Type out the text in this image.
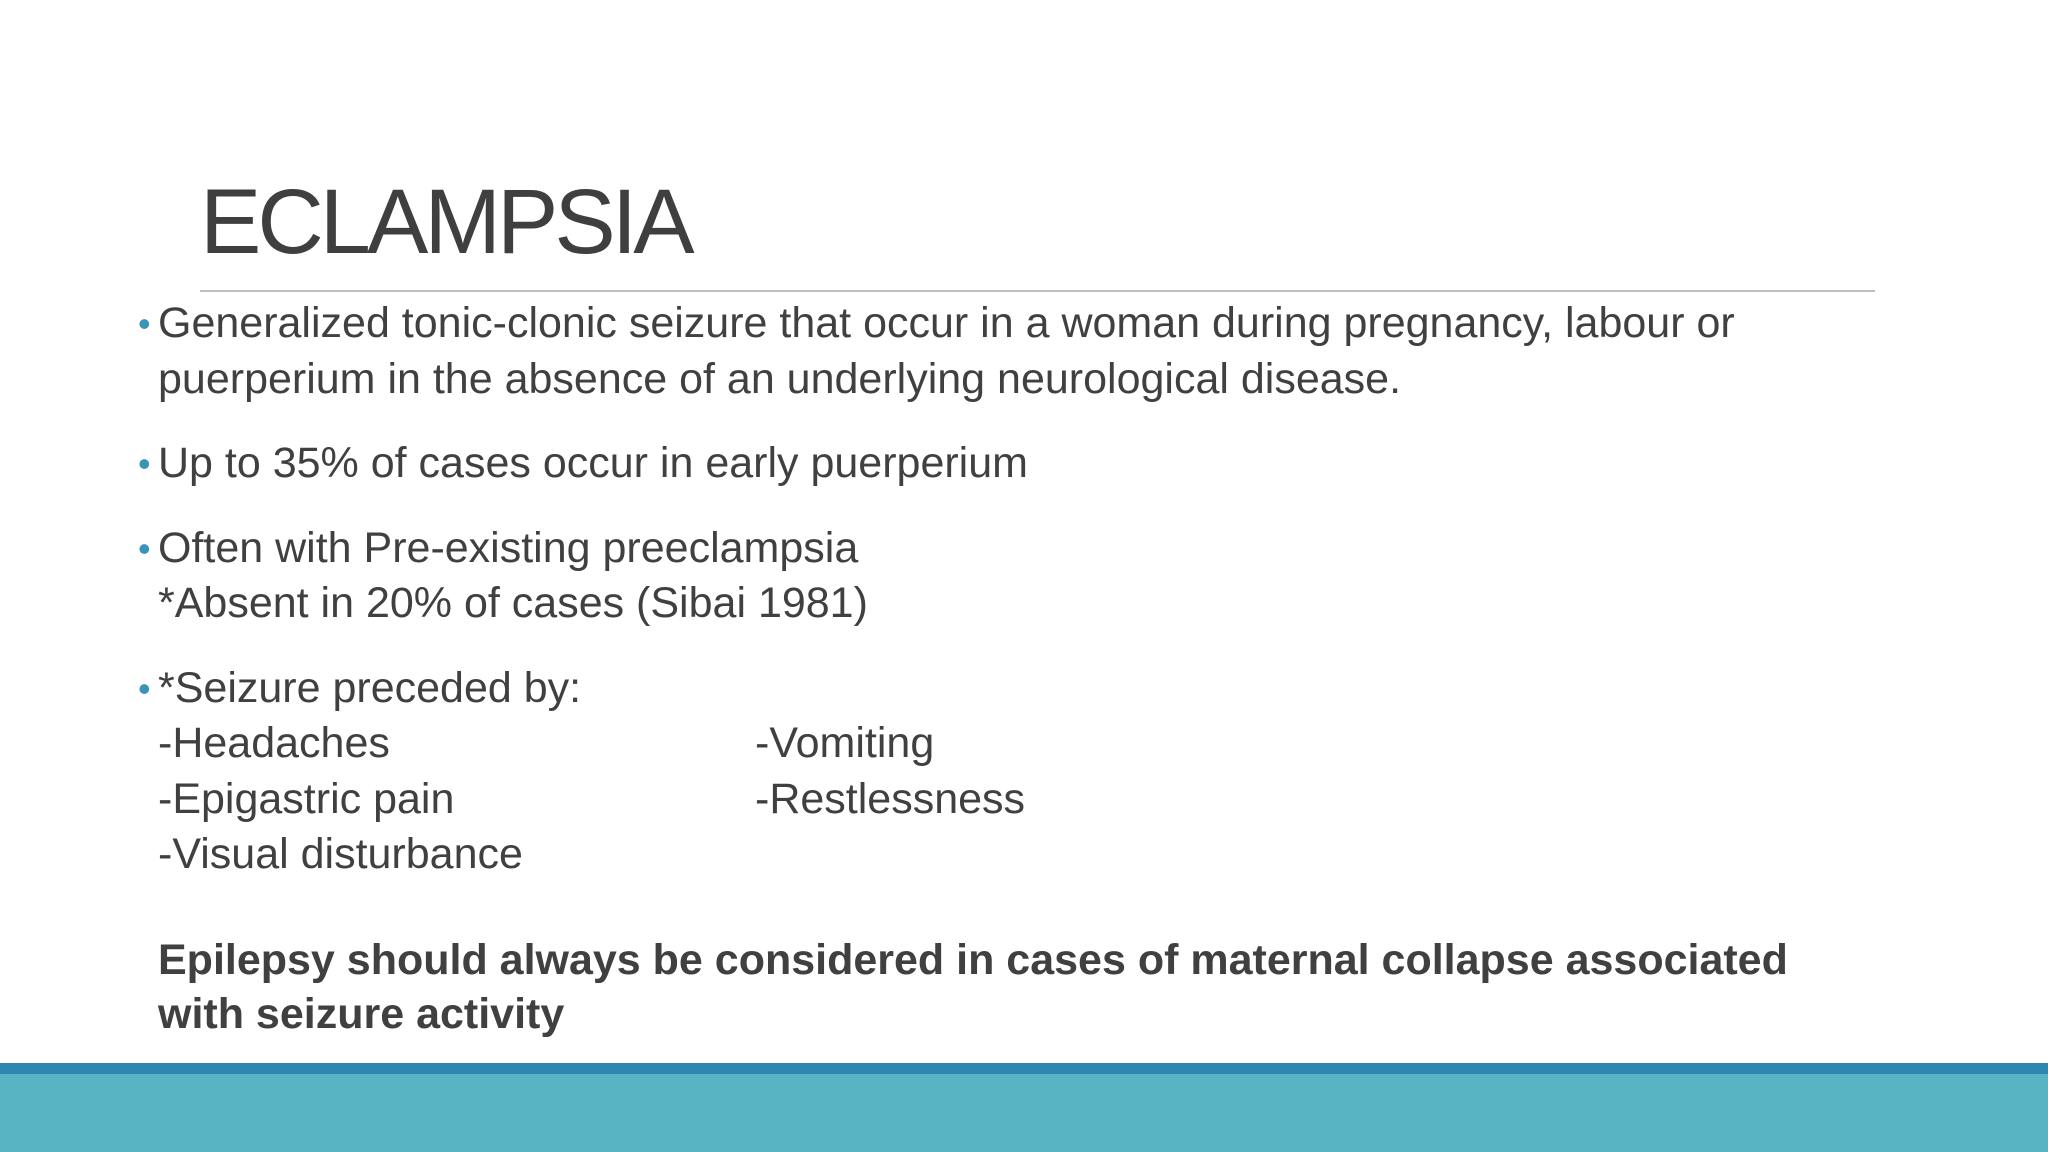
ECLAMPSIA
• Generalized tonic-clonic seizure that occur in a woman during pregnancy, labour or
puerperium in the absence of an underlying neurological disease.
• Up to 35% of cases occur in early puerperium
• Often with Pre-existing preeclampsia
*Absent in 20% of cases (Sibai 1981)
• *Seizure preceded by:
-Headaches
-Epigastric pain
-Visual disturbance
-Vomiting
-Restlessness
Epilepsy should always be considered in cases of maternal collapse associated
with seizure activity
